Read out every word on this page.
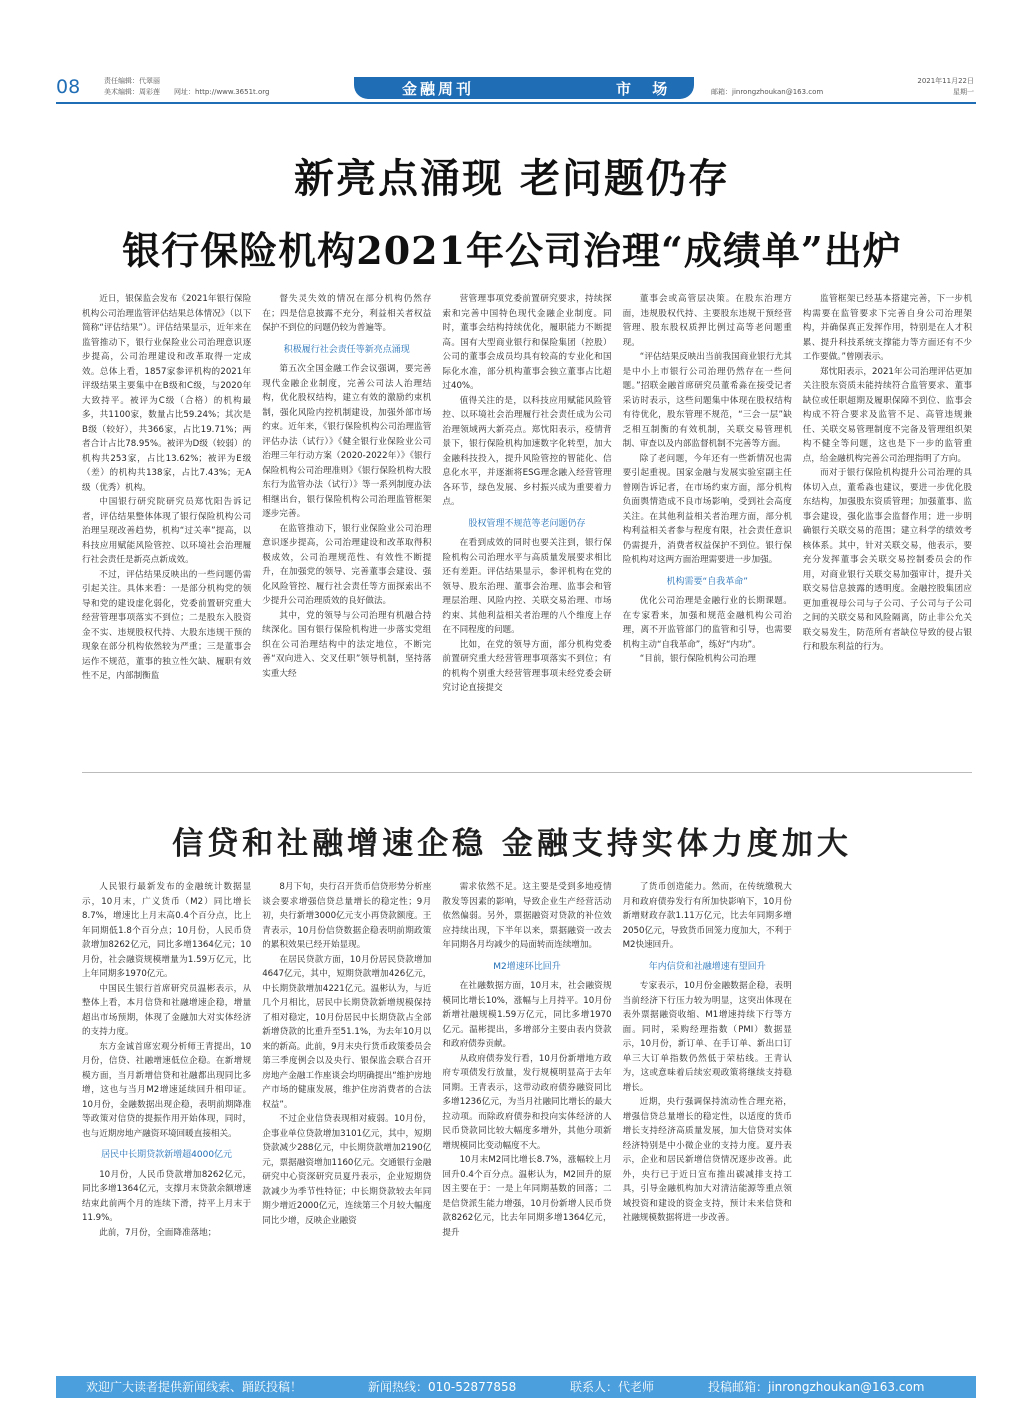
08	责任编辑：代翠丽
美术编辑：周彩莲 网址：http://www.3651t.org	金融周刊	市 场	邮箱：jinrongzhoukan@163.com
2021年11月22日
星期一
新亮点涌现 老问题仍存
银行保险机构2021年公司治理“成绩单”出炉

近日，银保监会发布《2021年银行保险机构公司治理监管评估结果总体情况》（以下简称“评估结果”）。评估结果显示，近年来在监管推动下，银行业保险业公司治理意识逐步提高，公司治理建设和改革取得一定成效。总体上看，1857家参评机构的2021年评级结果主要集中在B级和C级，与2020年大致持平。被评为C级（合格）的机构最多，共1100家，数量占比59.24%；其次是B级（较好），共366家，占比19.71%；两者合计占比78.95%。被评为D级（较弱）的机构共253家，占比13.62%；被评为E级（差）的机构共138家，占比7.43%；无A级（优秀）机构。

中国银行研究院研究员郑忱阳告诉记者，评估结果整体体现了银行保险机构公司治理呈现改善趋势，机构“过关率”提高，以科技应用赋能风险管控、以环境社会治理履行社会责任是新亮点新成效。

不过，评估结果反映出的一些问题仍需引起关注。具体来看：一是部分机构党的领导和党的建设虚化弱化，党委前置研究重大经营管理事项落实不到位；二是股东入股资金不实、违规股权代持、大股东违规干预的现象在部分机构依然较为严重；三是董事会运作不规范，董事的独立性欠缺、履职有效性不足，内部制衡监

督失灵失效的情况在部分机构仍然存在；四是信息披露不充分，利益相关者权益保护不到位的问题仍较为普遍等。

积极履行社会责任等新亮点涌现

第五次全国金融工作会议强调，要完善现代金融企业制度，完善公司法人治理结构，优化股权结构，建立有效的激励约束机制，强化风险内控机制建设，加强外部市场约束。近年来，《银行保险机构公司治理监管评估办法（试行）》《健全银行业保险业公司治理三年行动方案（2020-2022年）》《银行保险机构公司治理准则》《银行保险机构大股东行为监管办法（试行）》等一系列制度办法相继出台，银行保险机构公司治理监管框架逐步完善。

在监管推动下，银行业保险业公司治理意识逐步提高，公司治理建设和改革取得积极成效，公司治理规范性、有效性不断提升，在加强党的领导、完善董事会建设、强化风险管控、履行社会责任等方面探索出不少提升公司治理质效的良好做法。

其中，党的领导与公司治理有机融合持续深化。国有银行保险机构进一步落实党组织在公司治理结构中的法定地位，不断完善“双向进入、交叉任职”领导机制，坚持落实重大经

营管理事项党委前置研究要求，持续探索和完善中国特色现代金融企业制度。同时，董事会结构持续优化，履职能力不断提高。国有大型商业银行和保险集团（控股）公司的董事会成员均具有较高的专业化和国际化水准，部分机构董事会独立董事占比超过40%。

值得关注的是，以科技应用赋能风险管控、以环境社会治理履行社会责任成为公司治理领域两大新亮点。郑忱阳表示，疫情背景下，银行保险机构加速数字化转型，加大金融科技投入，提升风险管控的智能化、信息化水平，并逐渐将ESG理念融入经营管理各环节，绿色发展、乡村振兴成为重要着力点。

股权管理不规范等老问题仍存

在看到成效的同时也要关注到，银行保险机构公司治理水平与高质量发展要求相比还有差距。评估结果显示，参评机构在党的领导、股东治理、董事会治理、监事会和管理层治理、风险内控、关联交易治理、市场约束、其他利益相关者治理的八个维度上存在不同程度的问题。

比如，在党的领导方面，部分机构党委前置研究重大经营管理事项落实不到位；有的机构个别重大经营管理事项未经党委会研究讨论直接提交

董事会或高管层决策。在股东治理方面，违规股权代持、主要股东违规干预经营管理、股东股权质押比例过高等老问题重现。

“评估结果反映出当前我国商业银行尤其是中小上市银行公司治理仍然存在一些问题。”招联金融首席研究员董希淼在接受记者采访时表示，这些问题集中体现在股权结构有待优化，股东管理不规范，“三会一层”缺乏相互制衡的有效机制，关联交易管理机制、审查以及内部监督机制不完善等方面。

除了老问题，今年还有一些新情况也需要引起重视。国家金融与发展实验室副主任曾刚告诉记者，在市场约束方面，部分机构负面舆情造成不良市场影响，受到社会高度关注。在其他利益相关者治理方面，部分机构利益相关者参与程度有限，社会责任意识仍需提升，消费者权益保护不到位。银行保险机构对这两方面治理需要进一步加强。

机构需要“自我革命”

优化公司治理是金融行业的长期课题。在专家看来，加强和规范金融机构公司治理，离不开监管部门的监管和引导，也需要机构主动“自我革命”，练好“内功”。

“目前，银行保险机构公司治理

监管框架已经基本搭建完善，下一步机构需要在监管要求下完善自身公司治理架构，并确保真正发挥作用，特别是在人才积累、提升科技系统支撑能力等方面还有不少工作要做。”曾刚表示。

郑忱阳表示，2021年公司治理评估更加关注股东资质未能持续符合监管要求、董事缺位或任职超期及履职保障不到位、监事会构成不符合要求及监管不足、高管违规兼任、关联交易管理制度不完备及管理组织架构不健全等问题，这也是下一步的监管重点，给金融机构完善公司治理指明了方向。

而对于银行保险机构提升公司治理的具体切入点，董希淼也建议，要进一步优化股东结构，加强股东资质管理；加强董事、监事会建设，强化监事会监督作用；进一步明确银行关联交易的范围；建立科学的绩效考核体系。其中，针对关联交易，他表示，要充分发挥董事会关联交易控制委员会的作用，对商业银行关联交易加强审计，提升关联交易信息披露的透明度。金融控股集团应更加重视母公司与子公司、子公司与子公司之间的关联交易和风险隔离，防止非公允关联交易发生，防范所有者缺位导致的侵占银行和股东利益的行为。

信贷和社融增速企稳 金融支持实体力度加大

人民银行最新发布的金融统计数据显示，10月末，广义货币（M2）同比增长8.7%，增速比上月末高0.4个百分点，比上年同期低1.8个百分点；10月份，人民币贷款增加8262亿元，同比多增1364亿元；10月份，社会融资规模增量为1.59万亿元，比上年同期多1970亿元。

中国民生银行首席研究员温彬表示，从整体上看，本月信贷和社融增速企稳，增量超出市场预期，体现了金融加大对实体经济的支持力度。

东方金诚首席宏观分析师王青提出，10月份，信贷、社融增速低位企稳。在新增规模方面，当月新增信贷和社融都出现同比多增，这也与当月M2增速延续回升相印证。10月份，金融数据出现企稳，表明前期降准等政策对信贷的提振作用开始体现，同时，也与近期房地产融资环境回暖直接相关。

居民中长期贷款新增超4000亿元

10月份，人民币贷款增加8262亿元，同比多增1364亿元，支撑月末贷款余额增速结束此前两个月的连续下滑，持平上月末于11.9%。

此前，7月份，全面降准落地；

8月下旬，央行召开货币信贷形势分析座谈会要求增强信贷总量增长的稳定性；9月初，央行新增3000亿元支小再贷款额度。王青表示，10月份信贷数据企稳表明前期政策的累积效果已经开始显现。

在居民贷款方面，10月份居民贷款增加4647亿元，其中，短期贷款增加426亿元，中长期贷款增加4221亿元。温彬认为，与近几个月相比，居民中长期贷款新增规模保持了相对稳定，10月份居民中长期贷款占全部新增贷款的比重升至51.1%，为去年10月以来的新高。此前，9月末央行货币政策委员会第三季度例会以及央行、银保监会联合召开房地产金融工作座谈会均明确提出“维护房地产市场的健康发展，维护住房消费者的合法权益”。

不过企业信贷表现相对疲弱。10月份，企事业单位贷款增加3101亿元，其中，短期贷款减少288亿元，中长期贷款增加2190亿元，票据融资增加1160亿元。交通银行金融研究中心资深研究员夏丹表示，企业短期贷款减少为季节性特征；中长期贷款较去年同期少增近2000亿元，连续第三个月较大幅度同比少增，反映企业融资

需求依然不足。这主要是受到多地疫情散发等因素的影响，导致企业生产经营活动依然偏弱。另外，票据融资对贷款的补位效应持续出现，下半年以来，票据融资一改去年同期各月均减少的局面转而连续增加。

M2增速环比回升

在社融数据方面，10月末，社会融资规模同比增长10%，涨幅与上月持平。10月份新增社融规模1.59万亿元，同比多增1970亿元。温彬提出，多增部分主要由表内贷款和政府债券贡献。

从政府债券发行看，10月份新增地方政府专项债发行放量，发行规模明显高于去年同期。王青表示，这带动政府债券融资同比多增1236亿元，为当月社融同比增长的最大拉动项。而除政府债券和投向实体经济的人民币贷款同比较大幅度多增外，其他分项新增规模同比变动幅度不大。

10月末M2同比增长8.7%，涨幅较上月回升0.4个百分点。温彬认为，M2回升的原因主要在于：一是上年同期基数的回落；二是信贷派生能力增强，10月份新增人民币贷款8262亿元，比去年同期多增1364亿元，提升

了货币创造能力。然而，在传统缴税大月和政府债券发行有所加快影响下，10月份新增财政存款1.11万亿元，比去年同期多增2050亿元，导致货币回笼力度加大，不利于M2快速回升。

年内信贷和社融增速有望回升

专家表示，10月份金融数据企稳，表明当前经济下行压力较为明显，这突出体现在表外票据融资收缩、M1增速持续下行等方面。同时，采购经理指数（PMI）数据显示，10月份，新订单、在手订单、新出口订单三大订单指数仍然低于荣枯线。王青认为，这或意味着后续宏观政策将继续支持稳增长。

近期，央行强调保持流动性合理充裕，增强信贷总量增长的稳定性，以适度的货币增长支持经济高质量发展，加大信贷对实体经济特别是中小微企业的支持力度。夏丹表示，企业和居民新增信贷情况逐步改善。此外，央行已于近日宣布推出碳减排支持工具，引导金融机构加大对清洁能源等重点领域投资和建设的资金支持，预计未来信贷和社融规模数据将进一步改善。

欢迎广大读者提供新闻线索、踊跃投稿！	新闻热线：010-52877858	联系人：代老师	投稿邮箱：jinrongzhoukan@163.com
